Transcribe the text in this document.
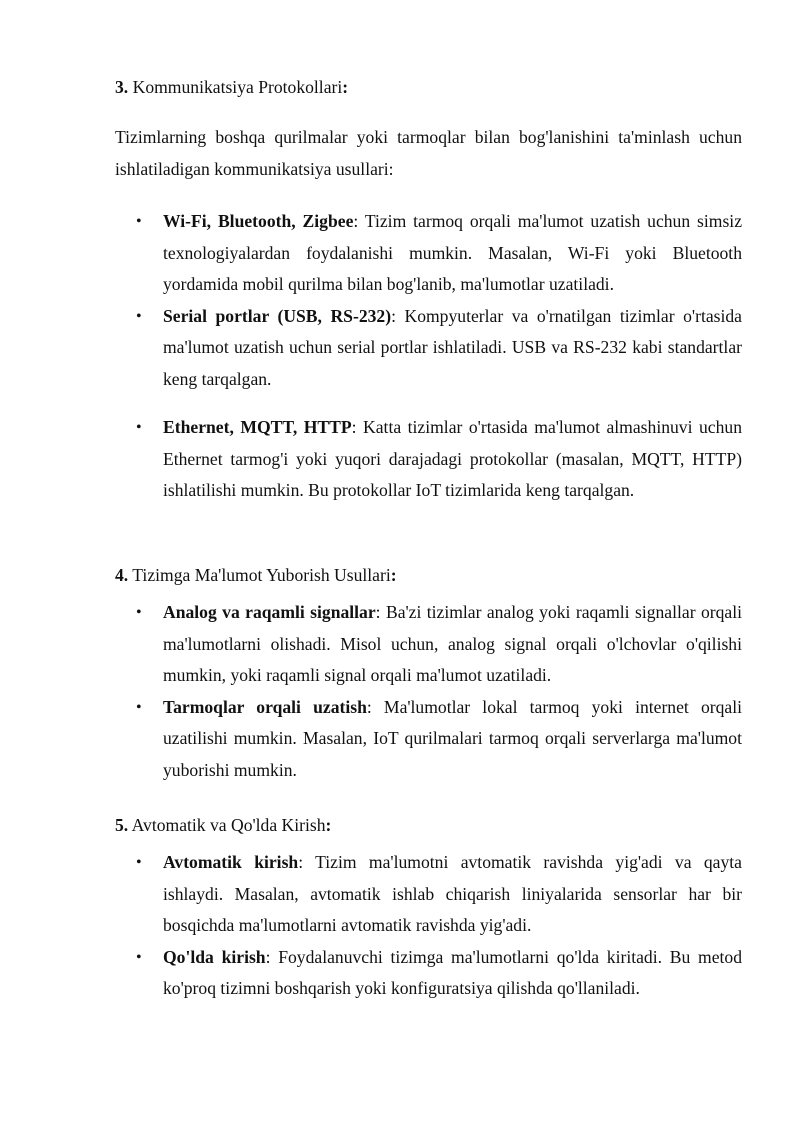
3. Kommunikatsiya Protokollari:

Tizimlarning boshqa qurilmalar yoki tarmoqlar bilan bog'lanishini ta'minlash uchun ishlatiladigan kommunikatsiya usullari:

• Wi-Fi, Bluetooth, Zigbee: Tizim tarmoq orqali ma'lumot uzatish uchun simsiz texnologiyalardan foydalanishi mumkin. Masalan, Wi-Fi yoki Bluetooth yordamida mobil qurilma bilan bog'lanib, ma'lumotlar uzatiladi.
• Serial portlar (USB, RS-232): Kompyuterlar va o'rnatilgan tizimlar o'rtasida ma'lumot uzatish uchun serial portlar ishlatiladi. USB va RS-232 kabi standartlar keng tarqalgan.
• Ethernet, MQTT, HTTP: Katta tizimlar o'rtasida ma'lumot almashinuvi uchun Ethernet tarmog'i yoki yuqori darajadagi protokollar (masalan, MQTT, HTTP) ishlatilishi mumkin. Bu protokollar IoT tizimlarida keng tarqalgan.

4. Tizimga Ma'lumot Yuborish Usullari:

• Analog va raqamli signallar: Ba'zi tizimlar analog yoki raqamli signallar orqali ma'lumotlarni olishadi. Misol uchun, analog signal orqali o'lchovlar o'qilishi mumkin, yoki raqamli signal orqali ma'lumot uzatiladi.
• Tarmoqlar orqali uzatish: Ma'lumotlar lokal tarmoq yoki internet orqali uzatilishi mumkin. Masalan, IoT qurilmalari tarmoq orqali serverlarga ma'lumot yuborishi mumkin.

5. Avtomatik va Qo'lda Kirish:

• Avtomatik kirish: Tizim ma'lumotni avtomatik ravishda yig'adi va qayta ishlaydi. Masalan, avtomatik ishlab chiqarish liniyalarida sensorlar har bir bosqichda ma'lumotlarni avtomatik ravishda yig'adi.
• Qo'lda kirish: Foydalanuvchi tizimga ma'lumotlarni qo'lda kiritadi. Bu metod ko'proq tizimni boshqarish yoki konfiguratsiya qilishda qo'llaniladi.
